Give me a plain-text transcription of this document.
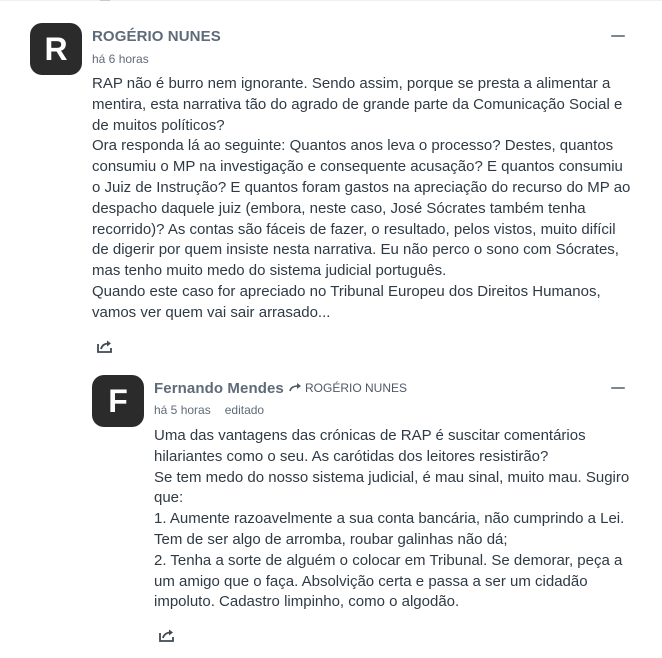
R	ROGÉRIO NUNES
há 6 horas

RAP não é burro nem ignorante. Sendo assim, porque se presta a alimentar a mentira, esta narrativa tão do agrado de grande parte da Comunicação Social e de muitos políticos?

Ora responda lá ao seguinte: Quantos anos leva o processo? Destes, quantos consumiu o MP na investigação e consequente acusação? E quantos consumiu o Juiz de Instrução? E quantos foram gastos na apreciação do recurso do MP ao despacho daquele juiz (embora, neste caso, José Sócrates também tenha recorrido)? As contas são fáceis de fazer, o resultado, pelos vistos, muito difícil de digerir por quem insiste nesta narrativa. Eu não perco o sono com Sócrates, mas tenho muito medo do sistema judicial português.

Quando este caso for apreciado no Tribunal Europeu dos Direitos Humanos, vamos ver quem vai sair arrasado...

F	Fernando Mendes ROGÉRIO NUNES
há 5 horas editado

Uma das vantagens das crónicas de RAP é suscitar comentários hilariantes como o seu. As carótidas dos leitores resistirão?

Se tem medo do nosso sistema judicial, é mau sinal, muito mau. Sugiro que:

1. Aumente razoavelmente a sua conta bancária, não cumprindo a Lei. Tem de ser algo de arromba, roubar galinhas não dá;

2. Tenha a sorte de alguém o colocar em Tribunal. Se demorar, peça a um amigo que o faça. Absolvição certa e passa a ser um cidadão impoluto. Cadastro limpinho, como o algodão.
